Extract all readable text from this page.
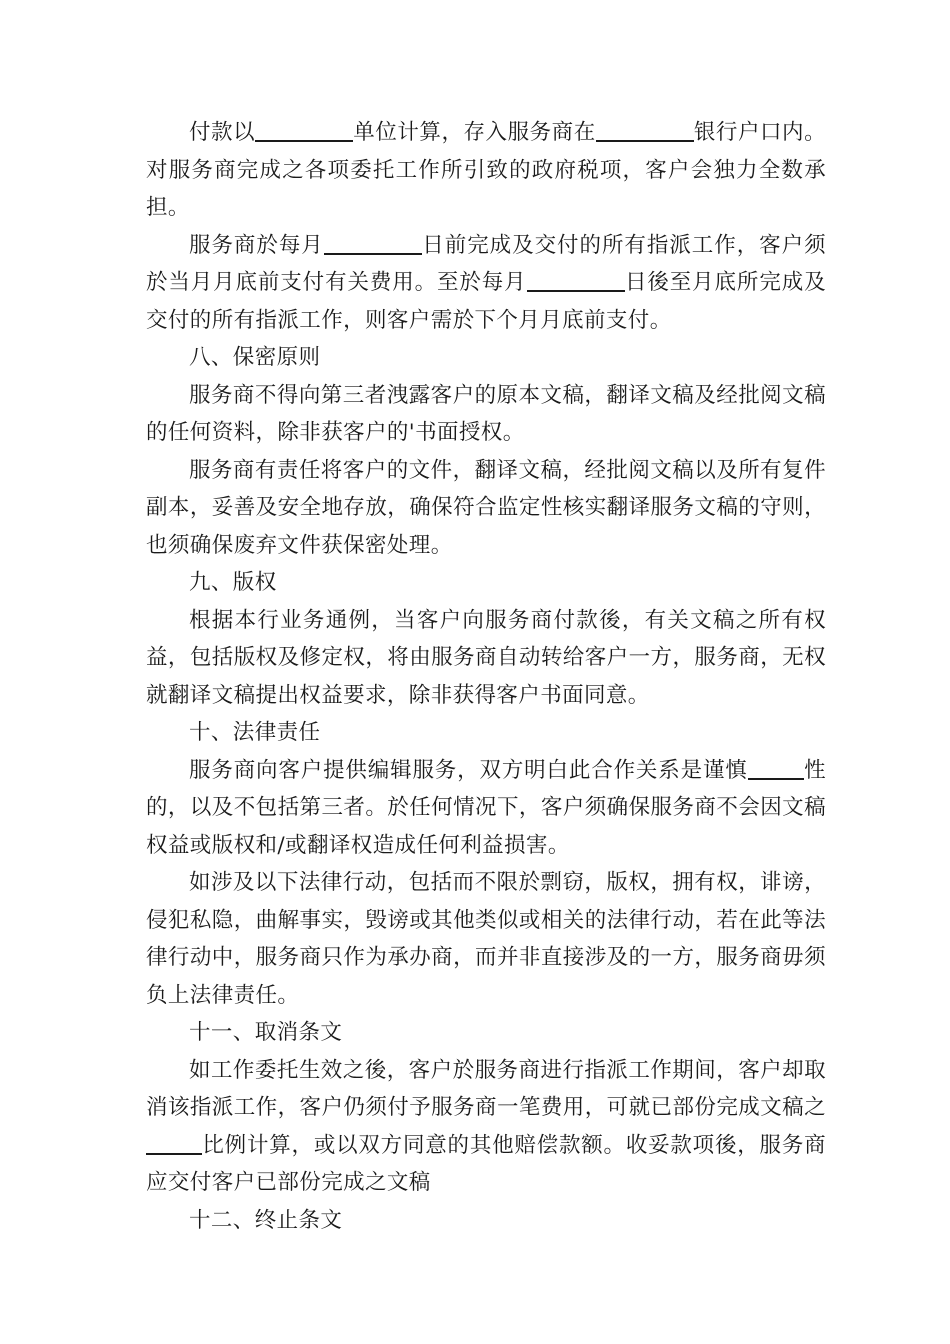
付款以	单位计算，存入服务商在	银行户口内。对服务商完成之各项委托工作所引致的政府税项，客户会独力全数承担。

服务商於每月	日前完成及交付的所有指派工作，客户须於当月月底前支付有关费用。至於每月	日後至月底所完成及交付的所有指派工作，则客户需於下个月月底前支付。

八、保密原则

服务商不得向第三者洩露客户的原本文稿，翻译文稿及经批阅文稿的任何资料，除非获客户的'书面授权。

服务商有责任将客户的文件，翻译文稿，经批阅文稿以及所有复件副本，妥善及安全地存放，确保符合监定性核实翻译服务文稿的守则，也须确保废弃文件获保密处理。

九、版权

根据本行业务通例，当客户向服务商付款後，有关文稿之所有权益，包括版权及修定权，将由服务商自动转给客户一方，服务商，无权就翻译文稿提出权益要求，除非获得客户书面同意。

十、法律责任

服务商向客户提供编辑服务，双方明白此合作关系是谨慎	性的，以及不包括第三者。於任何情况下，客户须确保服务商不会因文稿权益或版权和/或翻译权造成任何利益损害。

如涉及以下法律行动，包括而不限於剽窃，版权，拥有权，诽谤，侵犯私隐，曲解事实，毁谤或其他类似或相关的法律行动，若在此等法律行动中，服务商只作为承办商，而并非直接涉及的一方，服务商毋须负上法律责任。

十一、取消条文

如工作委托生效之後，客户於服务商进行指派工作期间，客户却取消该指派工作，客户仍须付予服务商一笔费用，可就已部份完成文稿之比例计算，或以双方同意的其他赔偿款额。收妥款项後，服务商应交付客户已部份完成之文稿

十二、终止条文
